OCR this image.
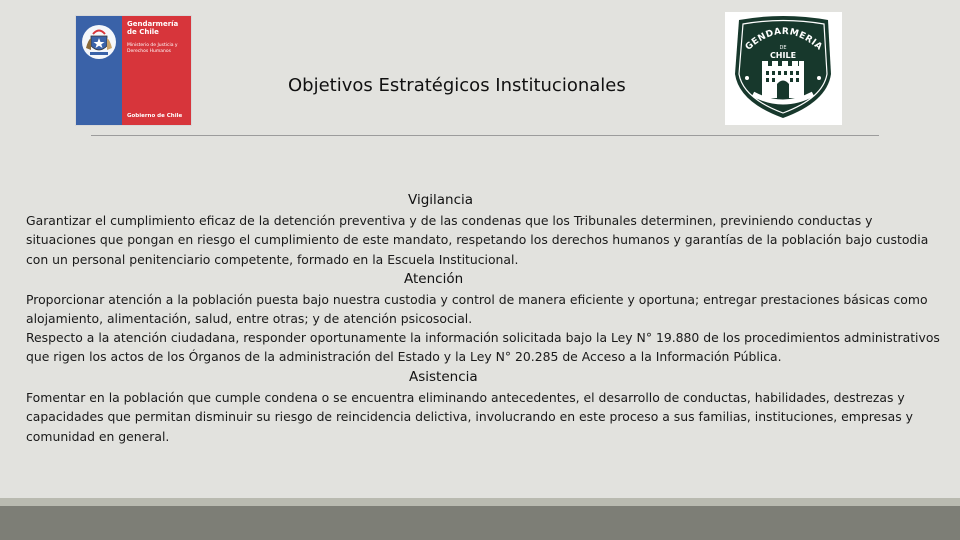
Gendarmería de Chile
Ministerio de Justicia y Derechos Humanos
Gobierno de Chile
Objetivos Estratégicos Institucionales
GENDARMERIA
DE
CHILE
Vigilancia
Garantizar el cumplimiento eficaz de la detención preventiva y de las condenas que los Tribunales determinen, previniendo conductas y situaciones que pongan en riesgo el cumplimiento de este mandato, respetando los derechos humanos y garantías de la población bajo custodia con un personal penitenciario competente, formado en la Escuela Institucional.
Atención
Proporcionar atención a la población puesta bajo nuestra custodia y control de manera eficiente y oportuna; entregar prestaciones básicas como alojamiento, alimentación, salud, entre otras; y de atención psicosocial.
Respecto a la atención ciudadana, responder oportunamente la información solicitada bajo la Ley N° 19.880 de los procedimientos administrativos que rigen los actos de los Órganos de la administración del Estado y la Ley N° 20.285 de Acceso a la Información Pública.
Asistencia
Fomentar en la población que cumple condena o se encuentra eliminando antecedentes, el desarrollo de conductas, habilidades, destrezas y capacidades que permitan disminuir su riesgo de reincidencia delictiva, involucrando en este proceso a sus familias, instituciones, empresas y comunidad en general.
